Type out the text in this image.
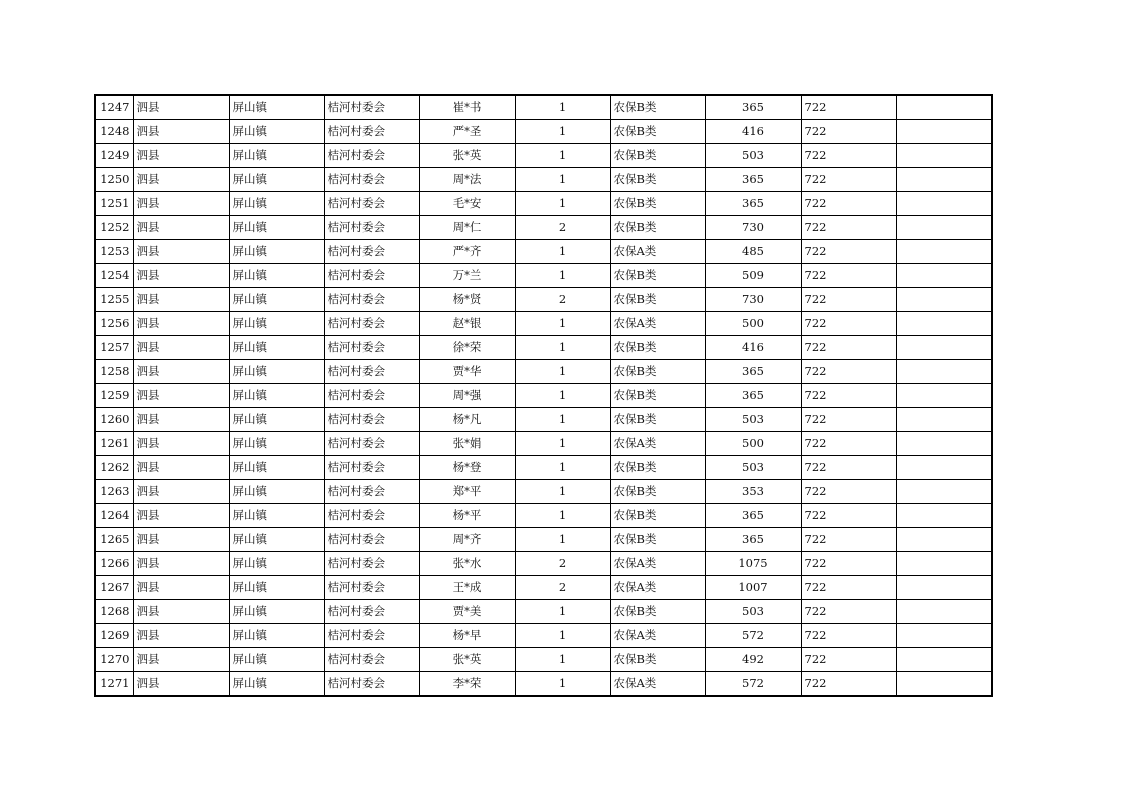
1247	泗县	屏山镇	桔河村委会	崔*书	1	农保B类	365	722	
1248	泗县	屏山镇	桔河村委会	严*圣	1	农保B类	416	722	
1249	泗县	屏山镇	桔河村委会	张*英	1	农保B类	503	722	
1250	泗县	屏山镇	桔河村委会	周*法	1	农保B类	365	722	
1251	泗县	屏山镇	桔河村委会	毛*安	1	农保B类	365	722	
1252	泗县	屏山镇	桔河村委会	周*仁	2	农保B类	730	722	
1253	泗县	屏山镇	桔河村委会	严*齐	1	农保A类	485	722	
1254	泗县	屏山镇	桔河村委会	万*兰	1	农保B类	509	722	
1255	泗县	屏山镇	桔河村委会	杨*贤	2	农保B类	730	722	
1256	泗县	屏山镇	桔河村委会	赵*银	1	农保A类	500	722	
1257	泗县	屏山镇	桔河村委会	徐*荣	1	农保B类	416	722	
1258	泗县	屏山镇	桔河村委会	贾*华	1	农保B类	365	722	
1259	泗县	屏山镇	桔河村委会	周*强	1	农保B类	365	722	
1260	泗县	屏山镇	桔河村委会	杨*凡	1	农保B类	503	722	
1261	泗县	屏山镇	桔河村委会	张*娟	1	农保A类	500	722	
1262	泗县	屏山镇	桔河村委会	杨*登	1	农保B类	503	722	
1263	泗县	屏山镇	桔河村委会	郑*平	1	农保B类	353	722	
1264	泗县	屏山镇	桔河村委会	杨*平	1	农保B类	365	722	
1265	泗县	屏山镇	桔河村委会	周*齐	1	农保B类	365	722	
1266	泗县	屏山镇	桔河村委会	张*水	2	农保A类	1075	722	
1267	泗县	屏山镇	桔河村委会	王*成	2	农保A类	1007	722	
1268	泗县	屏山镇	桔河村委会	贾*美	1	农保B类	503	722	
1269	泗县	屏山镇	桔河村委会	杨*早	1	农保A类	572	722	
1270	泗县	屏山镇	桔河村委会	张*英	1	农保B类	492	722	
1271	泗县	屏山镇	桔河村委会	李*荣	1	农保A类	572	722	
